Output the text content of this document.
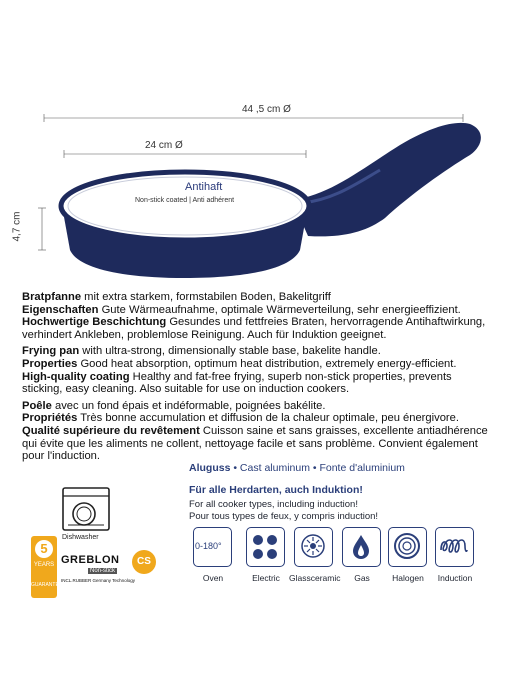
44 ,5 cm Ø
24 cm Ø
4,7 cm
Antihaft
Non-stick coated | Anti adhérent

Bratpfanne mit extra starkem, formstabilen Boden, Bakelitgriff

Eigenschaften Gute Wärmeaufnahme, optimale Wärmeverteilung, sehr energieeffizient.

Hochwertige Beschichtung Gesundes und fettfreies Braten, hervorragende Antihaftwirkung, verhindert Ankleben, problemlose Reinigung. Auch für Induktion geeignet.

Frying pan with ultra-strong, dimensionally stable base, bakelite handle.

Properties Good heat absorption, optimum heat distribution, extremely energy-efficient.

High-quality coating Healthy and fat-free frying, superb non-stick properties, prevents sticking, easy cleaning. Also suitable for use on induction cookers.

Poêle avec un fond épais et indéformable, poignées bakélite.

Propriétés Très bonne accumulation et diffusion de la chaleur optimale, peu énergivore.

Qualité supérieure du revêtement Cuisson saine et sans graisses, excellente antiadhérence qui évite que les aliments ne collent, nettoyage facile et sans problème. Convient également pour l'induction.

Aluguss • Cast aluminum • Fonte d'aluminium
Für alle Herdarten, auch Induktion!
For all cooker types, including induction!
Pour tous types de feux, y compris induction!
0-180°
Oven	Electric	Glassceramic	Gas	Halogen	Induction
Dishwasher
5
YEARS
GUARANTEE
GREBLON
Non-stick
INCL.RUBBER Germany Technology
CS
